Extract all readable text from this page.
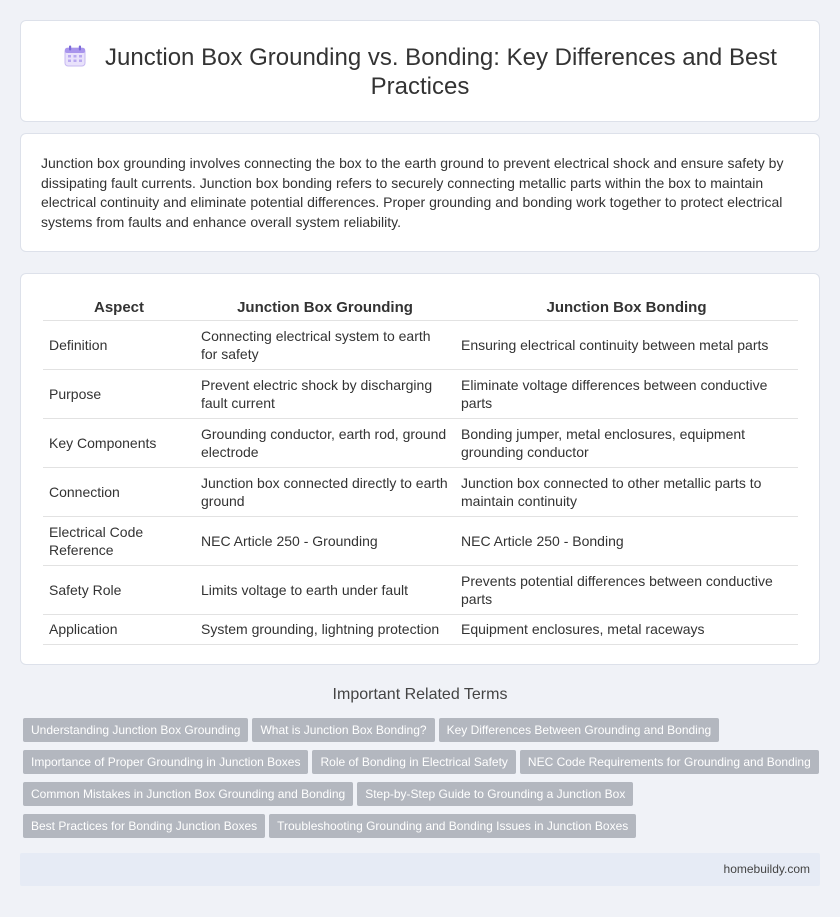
Junction Box Grounding vs. Bonding: Key Differences and Best Practices

Junction box grounding involves connecting the box to the earth ground to prevent electrical shock and ensure safety by dissipating fault currents. Junction box bonding refers to securely connecting metallic parts within the box to maintain electrical continuity and eliminate potential differences. Proper grounding and bonding work together to protect electrical systems from faults and enhance overall system reliability.

Aspect	Junction Box Grounding	Junction Box Bonding
Definition	Connecting electrical system to earth for safety	Ensuring electrical continuity between metal parts
Purpose	Prevent electric shock by discharging fault current	Eliminate voltage differences between conductive parts
Key Components	Grounding conductor, earth rod, ground electrode	Bonding jumper, metal enclosures, equipment grounding conductor
Connection	Junction box connected directly to earth ground	Junction box connected to other metallic parts to maintain continuity
Electrical Code Reference	NEC Article 250 - Grounding	NEC Article 250 - Bonding
Safety Role	Limits voltage to earth under fault	Prevents potential differences between conductive parts
Application	System grounding, lightning protection	Equipment enclosures, metal raceways
Important Related Terms
Understanding Junction Box Grounding What is Junction Box Bonding? Key Differences Between Grounding and Bonding
Importance of Proper Grounding in Junction Boxes Role of Bonding in Electrical Safety NEC Code Requirements for Grounding and Bonding
Common Mistakes in Junction Box Grounding and Bonding Step-by-Step Guide to Grounding a Junction Box
Best Practices for Bonding Junction Boxes Troubleshooting Grounding and Bonding Issues in Junction Boxes
homebuildy.com
